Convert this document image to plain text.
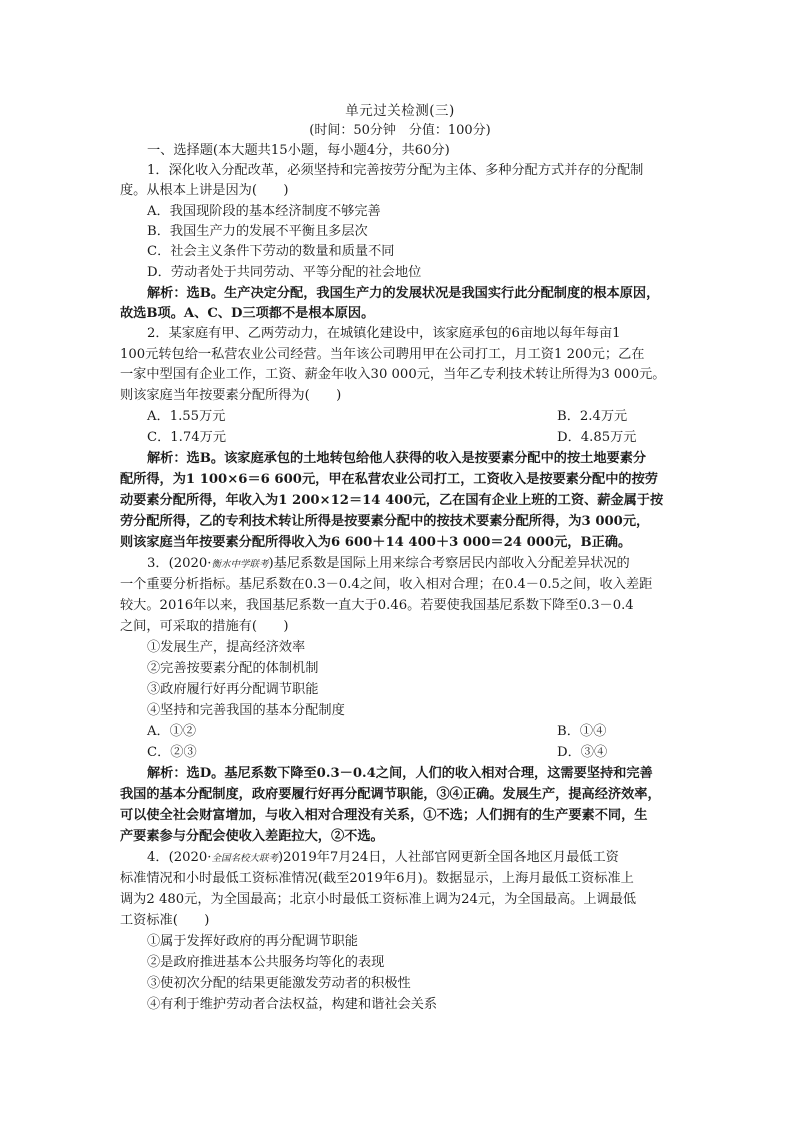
单元过关检测(三)
(时间：50分钟　分值：100分)
一、选择题(本大题共15小题，每小题4分，共60分)
1．深化收入分配改革，必须坚持和完善按劳分配为主体、多种分配方式并存的分配制
度。从根本上讲是因为(　　)
A．我国现阶段的基本经济制度不够完善
B．我国生产力的发展不平衡且多层次
C．社会主义条件下劳动的数量和质量不同
D．劳动者处于共同劳动、平等分配的社会地位
解析：选B。生产决定分配，我国生产力的发展状况是我国实行此分配制度的根本原因，
故选B项。A、C、D三项都不是根本原因。
2．某家庭有甲、乙两劳动力，在城镇化建设中，该家庭承包的6亩地以每年每亩1
100元转包给一私营农业公司经营。当年该公司聘用甲在公司打工，月工资1 200元；乙在
一家中型国有企业工作，工资、薪金年收入30 000元，当年乙专利技术转让所得为3 000元。
则该家庭当年按要素分配所得为(　　)
A．1.55万元	B．2.4万元
C．1.74万元	D．4.85万元
解析：选B。该家庭承包的土地转包给他人获得的收入是按要素分配中的按土地要素分
配所得，为1 100×6＝6 600元，甲在私营农业公司打工，工资收入是按要素分配中的按劳
动要素分配所得，年收入为1 200×12＝14 400元，乙在国有企业上班的工资、薪金属于按
劳分配所得，乙的专利技术转让所得是按要素分配中的按技术要素分配所得，为3 000元，
则该家庭当年按要素分配所得收入为6 600＋14 400＋3 000＝24 000元，B正确。
3．(2020·衡水中学联考)基尼系数是国际上用来综合考察居民内部收入分配差异状况的
一个重要分析指标。基尼系数在0.3－0.4之间，收入相对合理；在0.4－0.5之间，收入差距
较大。2016年以来，我国基尼系数一直大于0.46。若要使我国基尼系数下降至0.3－0.4
之间，可采取的措施有(　　)
①发展生产，提高经济效率
②完善按要素分配的体制机制
③政府履行好再分配调节职能
④坚持和完善我国的基本分配制度
A．①②	B．①④
C．②③	D．③④
解析：选D。基尼系数下降至0.3－0.4之间，人们的收入相对合理，这需要坚持和完善
我国的基本分配制度，政府要履行好再分配调节职能，③④正确。发展生产，提高经济效率，
可以使全社会财富增加，与收入相对合理没有关系，①不选；人们拥有的生产要素不同，生
产要素参与分配会使收入差距拉大，②不选。
4．(2020·全国名校大联考)2019年7月24日，人社部官网更新全国各地区月最低工资
标准情况和小时最低工资标准情况(截至2019年6月)。数据显示，上海月最低工资标准上
调为2 480元，为全国最高；北京小时最低工资标准上调为24元，为全国最高。上调最低
工资标准(　　)
①属于发挥好政府的再分配调节职能
②是政府推进基本公共服务均等化的表现
③使初次分配的结果更能激发劳动者的积极性
④有利于维护劳动者合法权益，构建和谐社会关系
